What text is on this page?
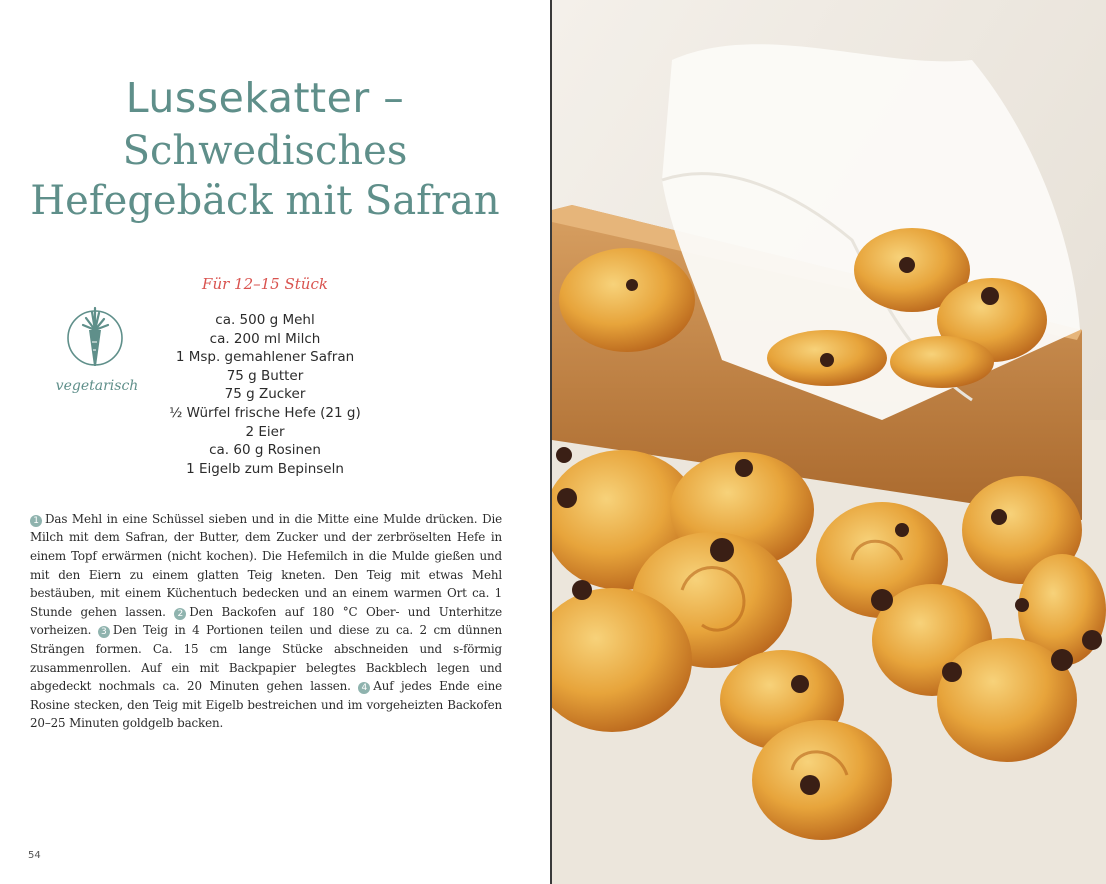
Lussekatter –
Schwedisches
Hefegebäck mit Safran
Für 12–15 Stück
vegetarisch
ca. 500 g Mehl
ca. 200 ml Milch
1 Msp. gemahlener Safran
75 g Butter
75 g Zucker
½ Würfel frische Hefe (21 g)
2 Eier
ca. 60 g Rosinen
1 Eigelb zum Bepinseln

1 Das Mehl in eine Schüssel sieben und in die Mitte eine Mulde drücken. Die Milch mit dem Safran, der Butter, dem Zucker und der zerbröselten Hefe in einem Topf erwärmen (nicht kochen). Die Hefemilch in die Mulde gießen und mit den Eiern zu einem glatten Teig kneten. Den Teig mit etwas Mehl bestäuben, mit einem Küchentuch bedecken und an einem warmen Ort ca. 1 Stunde gehen lassen. 2 Den Backofen auf 180 °C Ober- und Unterhitze vorheizen. 3 Den Teig in 4 Portionen teilen und diese zu ca. 2 cm dünnen Strängen formen. Ca. 15 cm lange Stücke abschneiden und s-förmig zusammenrollen. Auf ein mit Backpapier belegtes Backblech legen und abgedeckt nochmals ca. 20 Minuten gehen lassen. 4 Auf jedes Ende eine Rosine stecken, den Teig mit Eigelb bestreichen und im vorgeheizten Backofen 20–25 Minuten goldgelb backen.

54
